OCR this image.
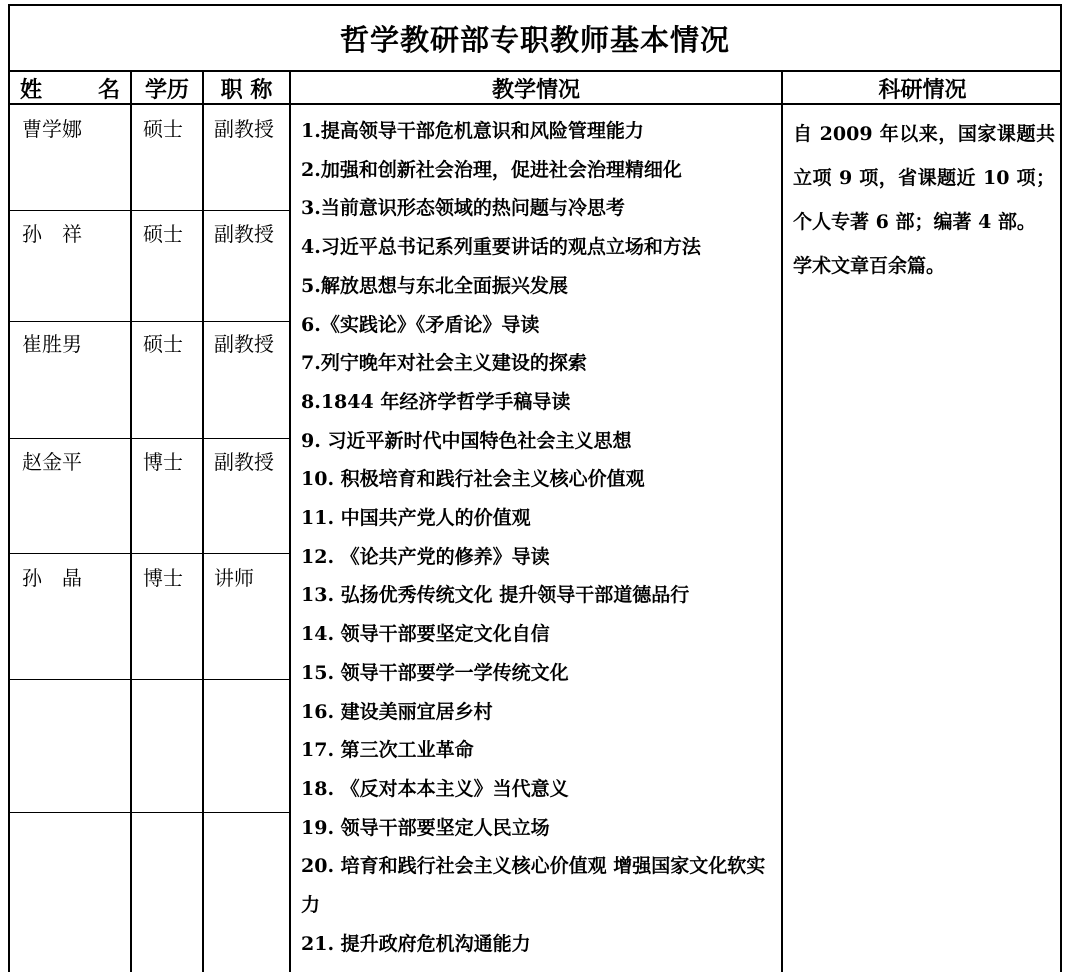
哲学教研部专职教师基本情况
姓	名	学历	职 称	教学情况	科研情况
曹学娜	硕士 副教授
孙　祥	硕士 副教授
崔胜男	硕士 副教授
赵金平	博士 副教授
孙　晶	博士 讲师
1.提高领导干部危机意识和风险管理能力
2.加强和创新社会治理，促进社会治理精细化
3.当前意识形态领域的热问题与冷思考
4.习近平总书记系列重要讲话的观点立场和方法
5.解放思想与东北全面振兴发展
6.《实践论》《矛盾论》导读
7.列宁晚年对社会主义建设的探索
8.1844 年经济学哲学手稿导读
9. 习近平新时代中国特色社会主义思想
10. 积极培育和践行社会主义核心价值观
11. 中国共产党人的价值观
12. 《论共产党的修养》导读
13. 弘扬优秀传统文化 提升领导干部道德品行
14. 领导干部要坚定文化自信
15. 领导干部要学一学传统文化
16. 建设美丽宜居乡村
17. 第三次工业革命
18. 《反对本本主义》当代意义
19. 领导干部要坚定人民立场
20. 培育和践行社会主义核心价值观 增强国家文化软实力
21. 提升政府危机沟通能力

自 2009 年以来，国家课题共立项 9 项，省课题近 10 项；个人专著 6 部；编著 4 部。

学术文章百余篇。
